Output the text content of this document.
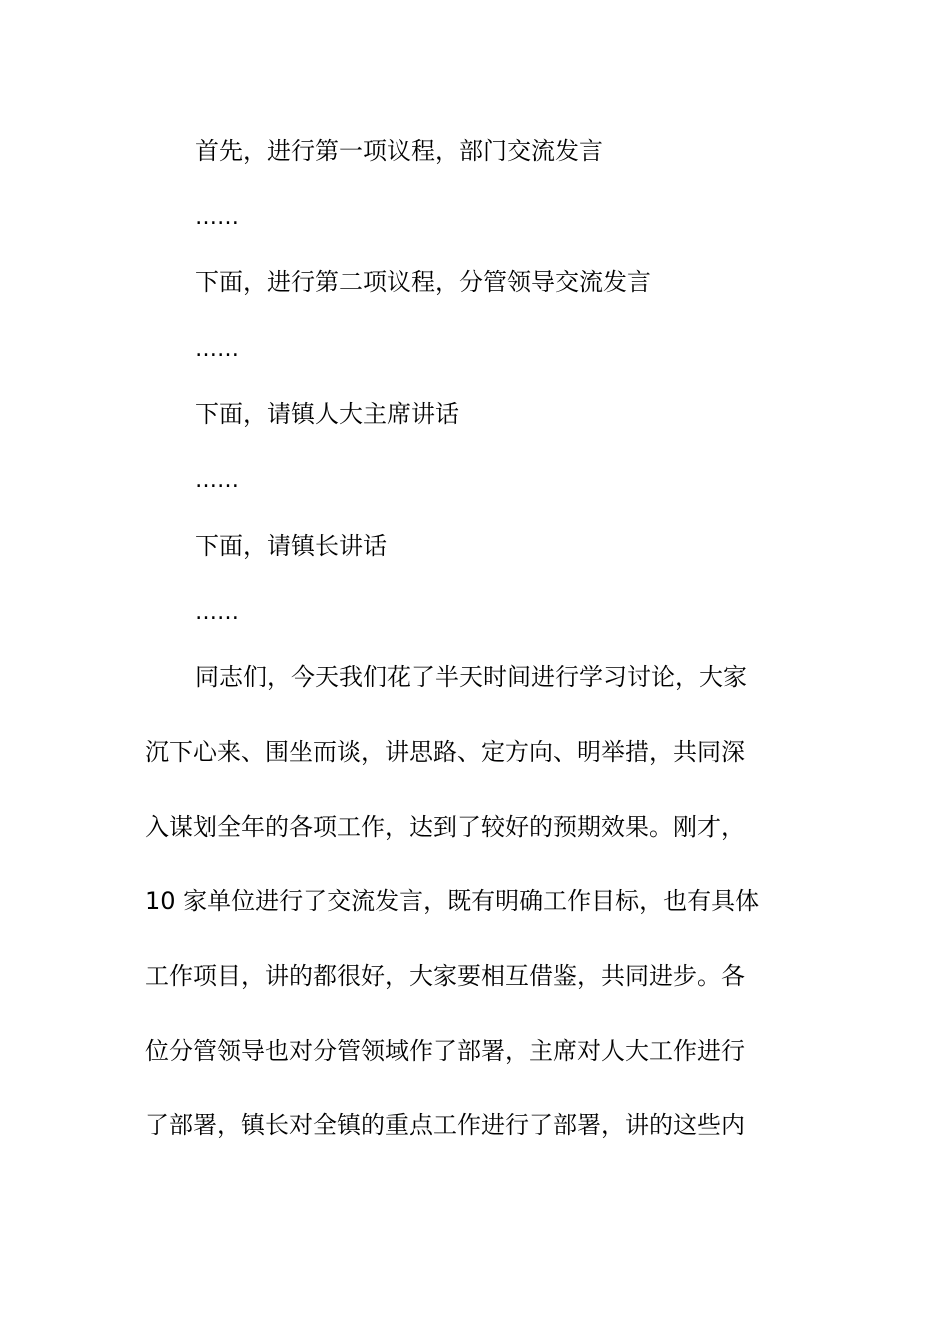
首先，进行第一项议程，部门交流发言
……
下面，进行第二项议程，分管领导交流发言
……
下面，请镇人大主席讲话
……
下面，请镇长讲话
……
同志们，今天我们花了半天时间进行学习讨论，大家
沉下心来、围坐而谈，讲思路、定方向、明举措，共同深
入谋划全年的各项工作，达到了较好的预期效果。刚才，
10 家单位进行了交流发言，既有明确工作目标，也有具体
工作项目，讲的都很好，大家要相互借鉴，共同进步。各
位分管领导也对分管领域作了部署，主席对人大工作进行
了部署，镇长对全镇的重点工作进行了部署，讲的这些内
